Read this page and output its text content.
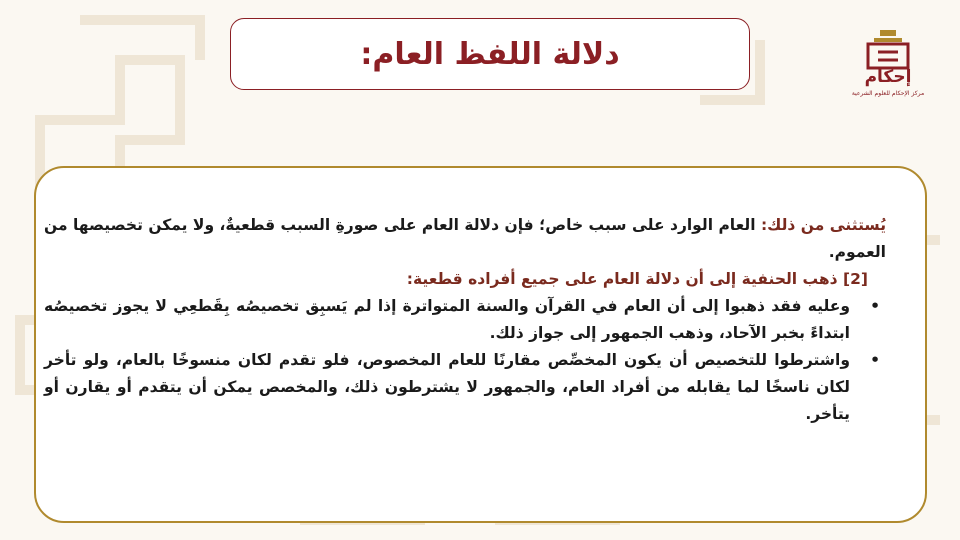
دلالة اللفظ العام:
إحكام
مركز الإحكام للعلوم الشرعية

يُستثنى من ذلك: العام الوارد على سبب خاص؛ فإن دلالة العام على صورةِ السبب قطعيةٌ، ولا يمكن تخصيصها من العموم.

[2] ذهب الحنفية إلى أن دلالة العام على جميع أفراده قطعية:

•
وعليه فقد ذهبوا إلى أن العام في القرآن والسنة المتواترة إذا لم يَسبِق تخصيصُه بِقَطعِي لا يجوز تخصيصُه ابتداءً بخبر الآحاد، وذهب الجمهور إلى جواز ذلك.
•
واشترطوا للتخصيص أن يكون المخصِّص مقارنًا للعام المخصوص، فلو تقدم لكان منسوخًا بالعام، ولو تأخر لكان ناسخًا لما يقابله من أفراد العام، والجمهور لا يشترطون ذلك، والمخصص يمكن أن يتقدم أو يقارن أو يتأخر.
